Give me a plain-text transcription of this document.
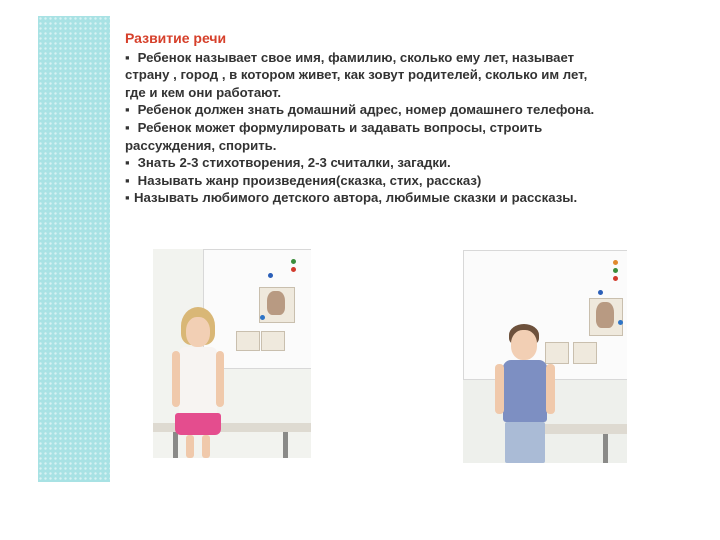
Развитие речи
▪ Ребенок называет свое имя, фамилию, сколько ему лет, называет
страну , город , в котором живет, как зовут родителей, сколько им лет,
где и кем они работают.
▪ Ребенок должен знать домашний адрес, номер домашнего телефона.
▪ Ребенок может формулировать и задавать вопросы, строить
рассуждения, спорить.
▪ Знать 2-3 стихотворения, 2-3 считалки, загадки.
▪ Называть жанр произведения(сказка, стих, рассказ)
▪ Называть любимого детского автора, любимые сказки и рассказы.
